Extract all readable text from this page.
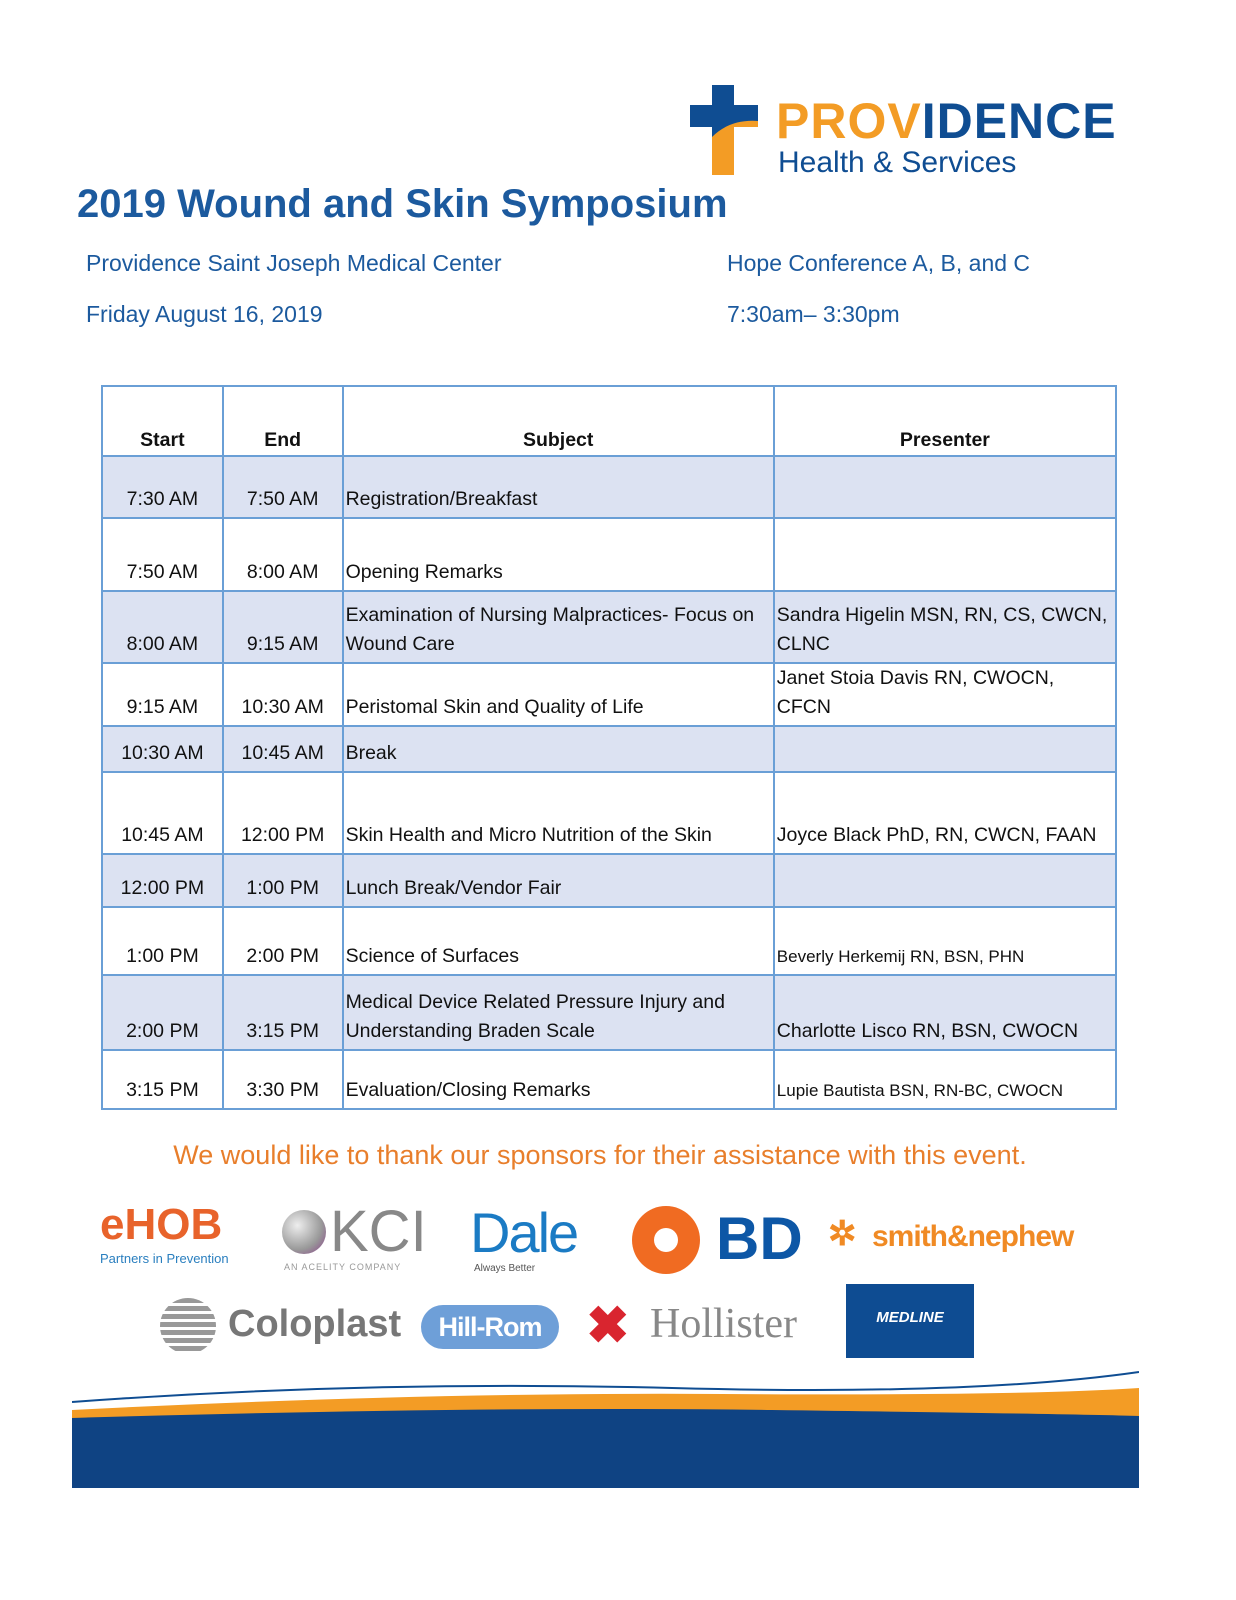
PROVIDENCE
Health & Services
2019 Wound and Skin Symposium
Providence Saint Joseph Medical Center	Hope Conference A, B, and C
Friday August 16, 2019	7:30am– 3:30pm
Start	End	Subject	Presenter
7:30 AM	7:50 AM	Registration/Breakfast	
7:50 AM	8:00 AM	Opening Remarks	
8:00 AM	9:15 AM	Examination of Nursing Malpractices- Focus on Wound Care	Sandra Higelin MSN, RN, CS, CWCN, CLNC
9:15 AM	10:30 AM	Peristomal Skin and Quality of Life	Janet Stoia Davis RN, CWOCN, CFCN
10:30 AM	10:45 AM	Break	
10:45 AM	12:00 PM	Skin Health and Micro Nutrition of the Skin	Joyce Black PhD, RN, CWCN, FAAN
12:00 PM	1:00 PM	Lunch Break/Vendor Fair	
1:00 PM	2:00 PM	Science of Surfaces	Beverly Herkemij RN, BSN, PHN
2:00 PM	3:15 PM	Medical Device Related Pressure Injury and Understanding Braden Scale	Charlotte Lisco RN, BSN, CWOCN
3:15 PM	3:30 PM	Evaluation/Closing Remarks	Lupie Bautista BSN, RN-BC, CWOCN
We would like to thank our sponsors for their assistance with this event.
eHOB
Partners in Prevention KCI
AN ACELITY COMPANY
Dale
Always Better	BD ✲ smith&nephew
Coloplast	Hill-Rom ✖ Hollister	MEDLINE
